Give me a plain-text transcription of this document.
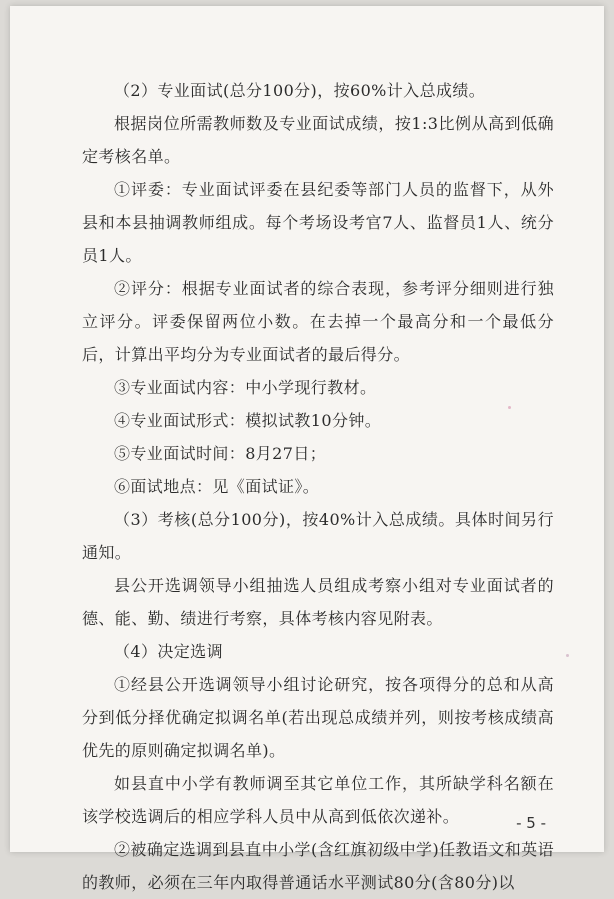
（2）专业面试(总分100分)，按60%计入总成绩。

根据岗位所需教师数及专业面试成绩，按1:3比例从高到低确定考核名单。

①评委：专业面试评委在县纪委等部门人员的监督下，从外县和本县抽调教师组成。每个考场设考官7人、监督员1人、统分员1人。

②评分：根据专业面试者的综合表现，参考评分细则进行独立评分。评委保留两位小数。在去掉一个最高分和一个最低分后，计算出平均分为专业面试者的最后得分。

③专业面试内容：中小学现行教材。

④专业面试形式：模拟试教10分钟。

⑤专业面试时间：8月27日；

⑥面试地点：见《面试证》。

（3）考核(总分100分)，按40%计入总成绩。具体时间另行通知。

县公开选调领导小组抽选人员组成考察小组对专业面试者的德、能、勤、绩进行考察，具体考核内容见附表。

（4）决定选调

①经县公开选调领导小组讨论研究，按各项得分的总和从高分到低分择优确定拟调名单(若出现总成绩并列，则按考核成绩高优先的原则确定拟调名单)。

如县直中小学有教师调至其它单位工作，其所缺学科名额在该学校选调后的相应学科人员中从高到低依次递补。

②被确定选调到县直中小学(含红旗初级中学)任教语文和英语的教师，必须在三年内取得普通话水平测试80分(含80分)以

- 5 -
